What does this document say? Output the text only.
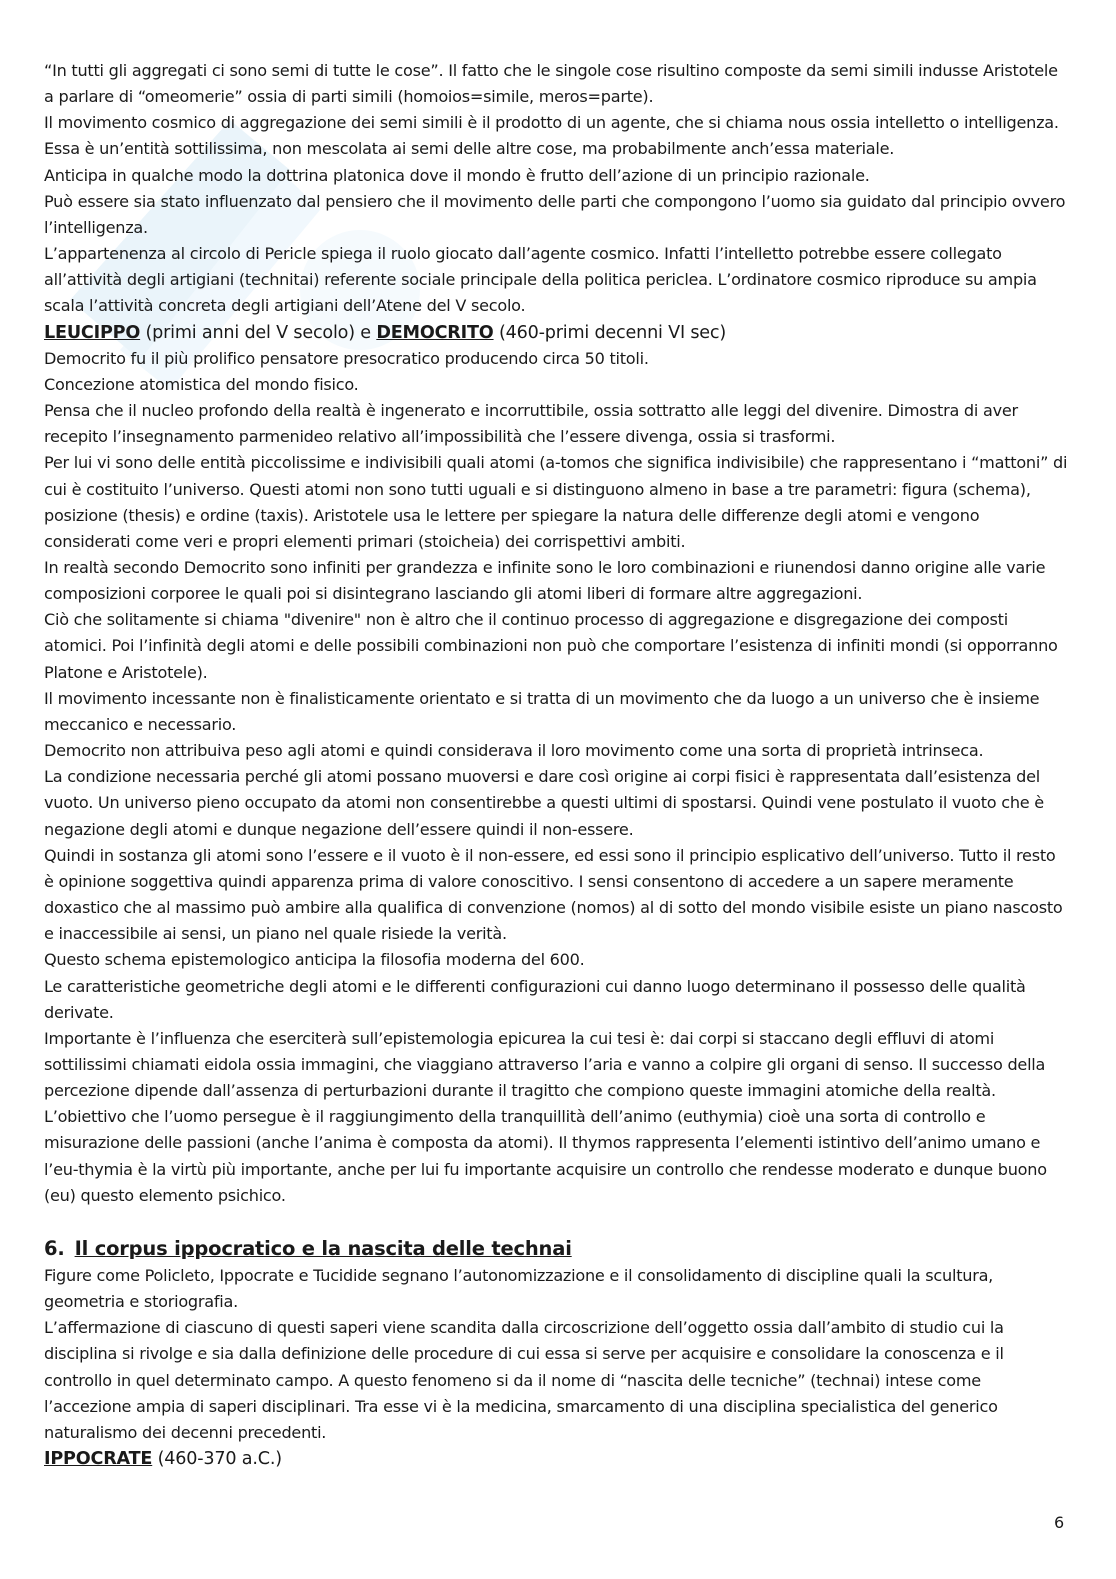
“In tutti gli aggregati ci sono semi di tutte le cose”. Il fatto che le singole cose risultino composte da semi simili indusse Aristotele a parlare di “omeomerie” ossia di parti simili (homoios=simile, meros=parte).

Il movimento cosmico di aggregazione dei semi simili è il prodotto di un agente, che si chiama nous ossia intelletto o intelligenza. Essa è un’entità sottilissima, non mescolata ai semi delle altre cose, ma probabilmente anch’essa materiale.

Anticipa in qualche modo la dottrina platonica dove il mondo è frutto dell’azione di un principio razionale.

Può essere sia stato influenzato dal pensiero che il movimento delle parti che compongono l’uomo sia guidato dal principio ovvero l’intelligenza.

L’appartenenza al circolo di Pericle spiega il ruolo giocato dall’agente cosmico. Infatti l’intelletto potrebbe essere collegato all’attività degli artigiani (technitai) referente sociale principale della politica periclea. L’ordinatore cosmico riproduce su ampia scala l’attività concreta degli artigiani dell’Atene del V secolo.

LEUCIPPO (primi anni del V secolo) e DEMOCRITO (460-primi decenni VI sec)

Democrito fu il più prolifico pensatore presocratico producendo circa 50 titoli.

Concezione atomistica del mondo fisico.

Pensa che il nucleo profondo della realtà è ingenerato e incorruttibile, ossia sottratto alle leggi del divenire. Dimostra di aver recepito l’insegnamento parmenideo relativo all’impossibilità che l’essere divenga, ossia si trasformi.

Per lui vi sono delle entità piccolissime e indivisibili quali atomi (a-tomos che significa indivisibile) che rappresentano i “mattoni” di cui è costituito l’universo. Questi atomi non sono tutti uguali e si distinguono almeno in base a tre parametri: figura (schema), posizione (thesis) e ordine (taxis). Aristotele usa le lettere per spiegare la natura delle differenze degli atomi e vengono considerati come veri e propri elementi primari (stoicheia) dei corrispettivi ambiti.

In realtà secondo Democrito sono infiniti per grandezza e infinite sono le loro combinazioni e riunendosi danno origine alle varie composizioni corporee le quali poi si disintegrano lasciando gli atomi liberi di formare altre aggregazioni.

Ciò che solitamente si chiama "divenire" non è altro che il continuo processo di aggregazione e disgregazione dei composti atomici. Poi l’infinità degli atomi e delle possibili combinazioni non può che comportare l’esistenza di infiniti mondi (si opporranno Platone e Aristotele).

Il movimento incessante non è finalisticamente orientato e si tratta di un movimento che da luogo a un universo che è insieme meccanico e necessario.

Democrito non attribuiva peso agli atomi e quindi considerava il loro movimento come una sorta di proprietà intrinseca.

La condizione necessaria perché gli atomi possano muoversi e dare così origine ai corpi fisici è rappresentata dall’esistenza del vuoto. Un universo pieno occupato da atomi non consentirebbe a questi ultimi di spostarsi. Quindi vene postulato il vuoto che è negazione degli atomi e dunque negazione dell’essere quindi il non-essere.

Quindi in sostanza gli atomi sono l’essere e il vuoto è il non-essere, ed essi sono il principio esplicativo dell’universo. Tutto il resto è opinione soggettiva quindi apparenza prima di valore conoscitivo. I sensi consentono di accedere a un sapere meramente doxastico che al massimo può ambire alla qualifica di convenzione (nomos) al di sotto del mondo visibile esiste un piano nascosto e inaccessibile ai sensi, un piano nel quale risiede la verità.

Questo schema epistemologico anticipa la filosofia moderna del 600.

Le caratteristiche geometriche degli atomi e le differenti configurazioni cui danno luogo determinano il possesso delle qualità derivate.

Importante è l’influenza che eserciterà sull’epistemologia epicurea la cui tesi è: dai corpi si staccano degli effluvi di atomi sottilissimi chiamati eidola ossia immagini, che viaggiano attraverso l’aria e vanno a colpire gli organi di senso. Il successo della percezione dipende dall’assenza di perturbazioni durante il tragitto che compiono queste immagini atomiche della realtà.

L’obiettivo che l’uomo persegue è il raggiungimento della tranquillità dell’animo (euthymia) cioè una sorta di controllo e misurazione delle passioni (anche l’anima è composta da atomi). Il thymos rappresenta l’elementi istintivo dell’animo umano e l’eu-thymia è la virtù più importante, anche per lui fu importante acquisire un controllo che rendesse moderato e dunque buono (eu) questo elemento psichico.

6. Il corpus ippocratico e la nascita delle technai

Figure come Policleto, Ippocrate e Tucidide segnano l’autonomizzazione e il consolidamento di discipline quali la scultura, geometria e storiografia.

L’affermazione di ciascuno di questi saperi viene scandita dalla circoscrizione dell’oggetto ossia dall’ambito di studio cui la disciplina si rivolge e sia dalla definizione delle procedure di cui essa si serve per acquisire e consolidare la conoscenza e il controllo in quel determinato campo. A questo fenomeno si da il nome di “nascita delle tecniche” (technai) intese come l’accezione ampia di saperi disciplinari. Tra esse vi è la medicina, smarcamento di una disciplina specialistica del generico naturalismo dei decenni precedenti.

IPPOCRATE (460-370 a.C.)

6
